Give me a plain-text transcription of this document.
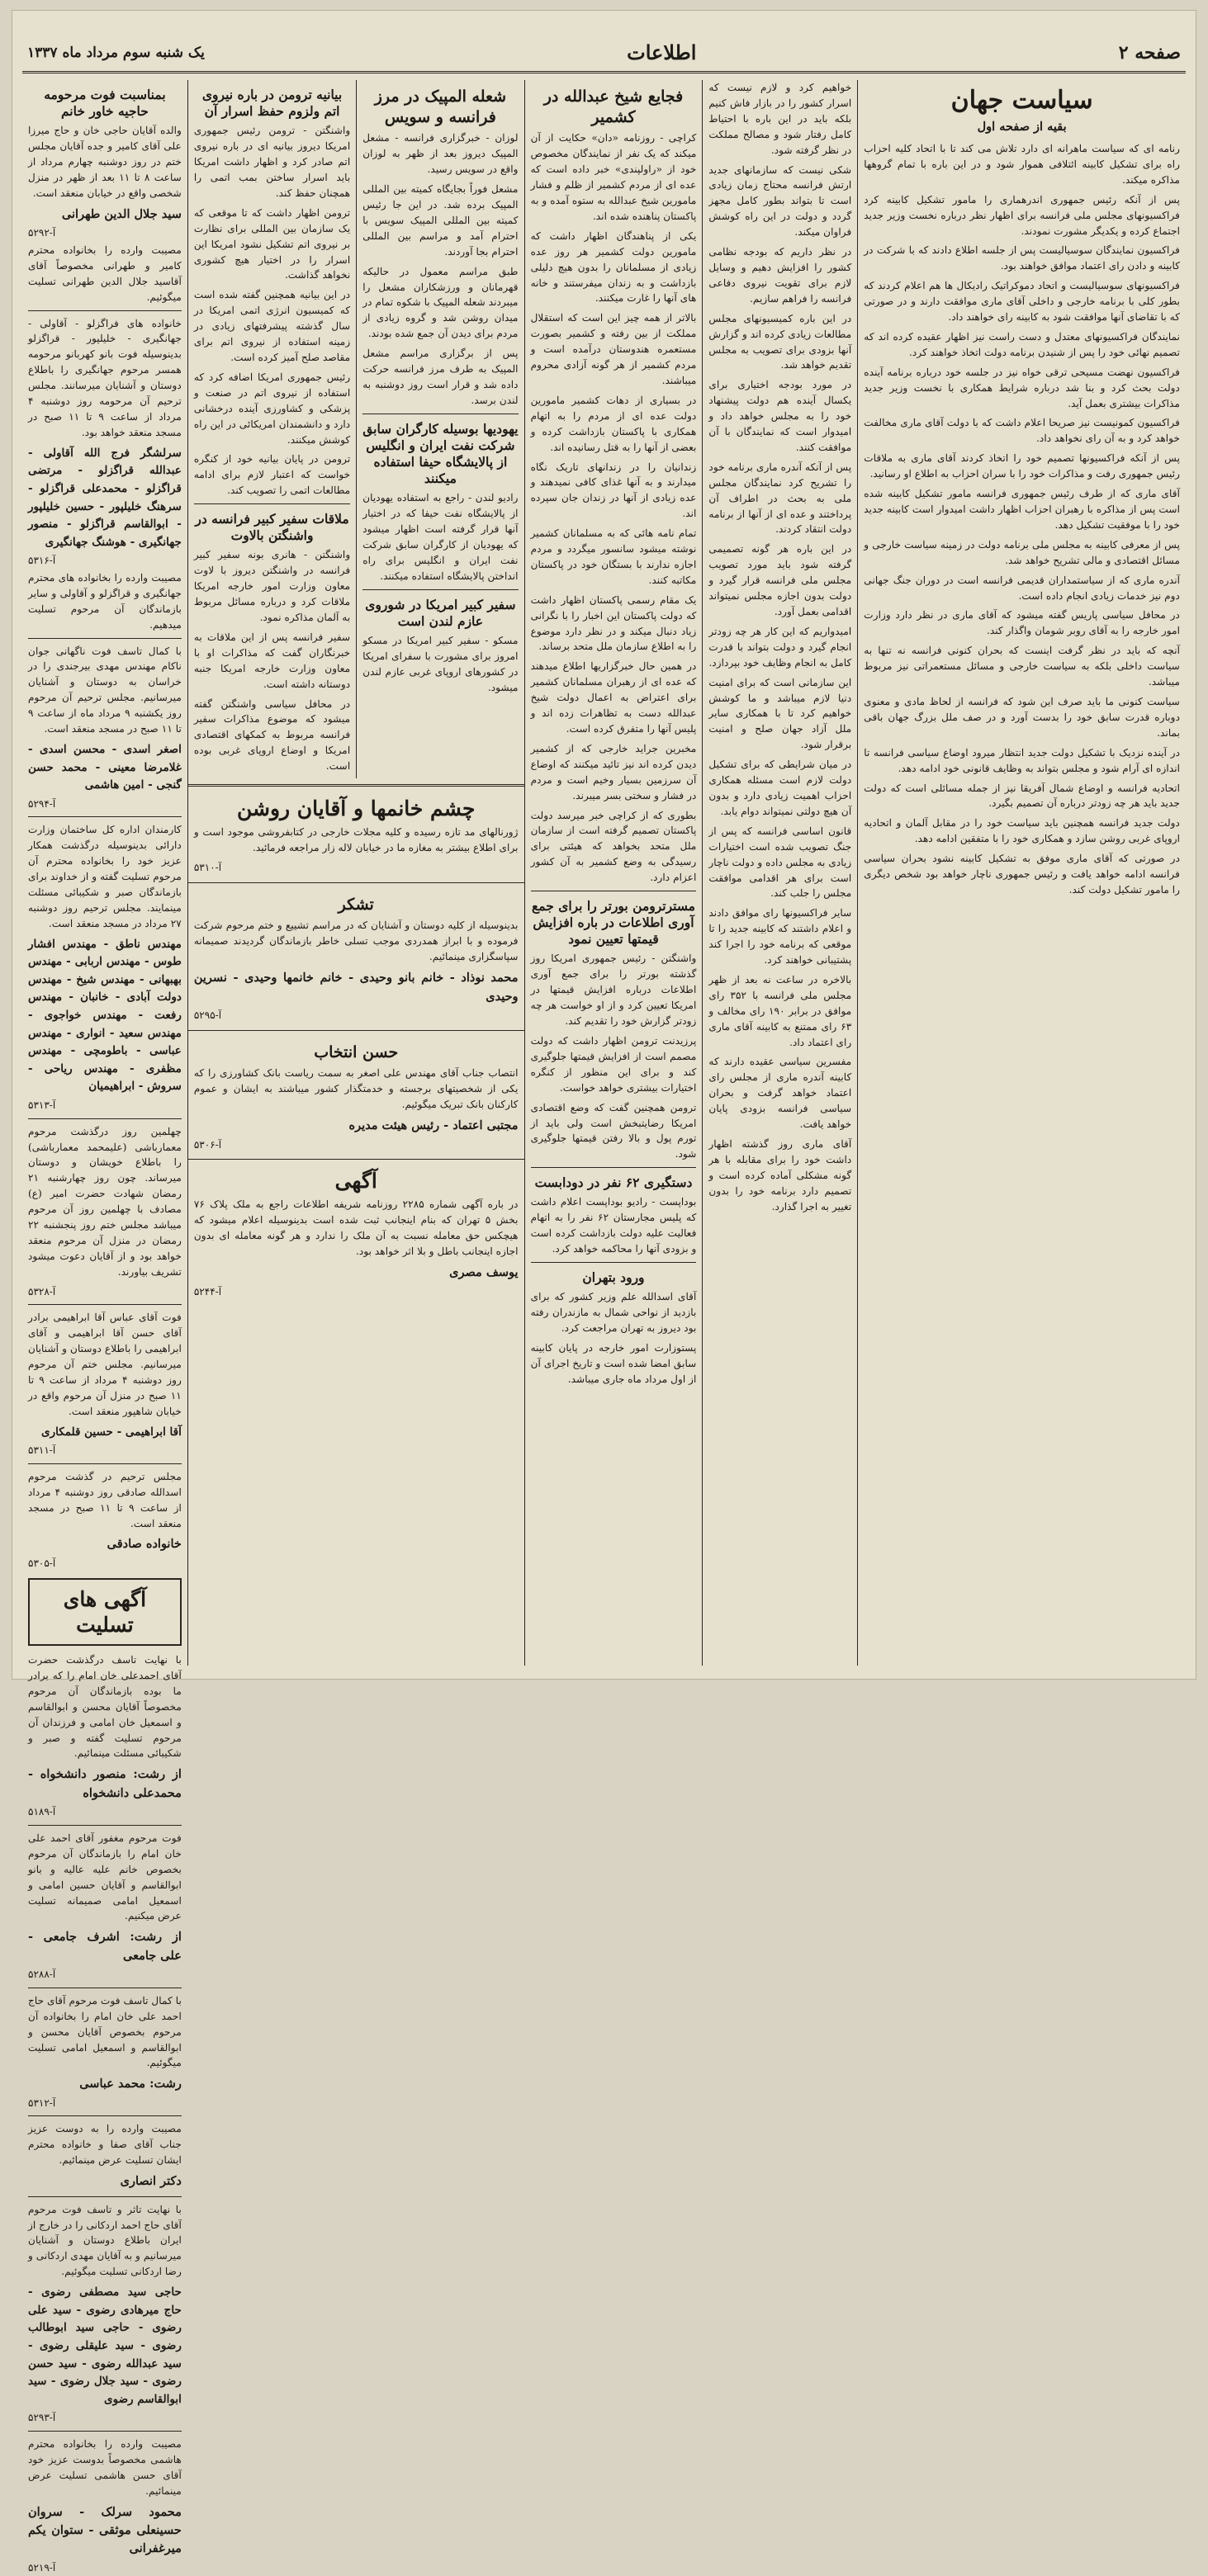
صفحه ۲
اطلاعات
یک شنبه سوم مرداد ماه ۱۳۳۷
سیاست جهان
بقیه از صفحه اول

رنامه ای که سیاست ماهرانه ای دارد تلاش می کند تا با اتحاد کلیه احزاب راه برای تشکیل کابینه ائتلافی هموار شود و در این باره با تمام گروهها مذاکره میکند.

پس از آنکه رئیس جمهوری اندرهماری را مامور تشکیل کابینه کرد فراکسیونهای مجلس ملی فرانسه برای اظهار نظر درباره نخست وزیر جدید اجتماع کرده و یکدیگر مشورت نمودند.

فراکسیون نمایندگان سوسیالیست پس از جلسه اطلاع دادند که با شرکت در کابینه و دادن رای اعتماد موافق خواهند بود.

فراکسیونهای سوسیالیست و اتحاد دموکراتیک رادیکال ها هم اعلام کردند که بطور کلی با برنامه خارجی و داخلی آقای ماری موافقت دارند و در صورتی که با تقاضای آنها موافقت شود به کابینه رای خواهند داد.

نمایندگان فراکسیونهای معتدل و دست راست نیز اظهار عقیده کرده اند که تصمیم نهائی خود را پس از شنیدن برنامه دولت اتخاذ خواهند کرد.

فراکسیون نهضت مسیحی ترقی خواه نیز در جلسه خود درباره برنامه آینده دولت بحث کرد و بنا شد درباره شرایط همکاری با نخست وزیر جدید مذاکرات بیشتری بعمل آید.

فراکسیون کمونیست نیز صریحا اعلام داشت که با دولت آقای ماری مخالفت خواهد کرد و به آن رای نخواهد داد.

پس از آنکه فراکسیونها تصمیم خود را اتخاذ کردند آقای ماری به ملاقات رئیس جمهوری رفت و مذاکرات خود را با سران احزاب به اطلاع او رسانید.

آقای ماری که از طرف رئیس جمهوری فرانسه مامور تشکیل کابینه شده است پس از مذاکره با رهبران احزاب اظهار داشت امیدوار است کابینه جدید خود را با موفقیت تشکیل دهد.

پس از معرفی کابینه به مجلس ملی برنامه دولت در زمینه سیاست خارجی و مسائل اقتصادی و مالی تشریح خواهد شد.

آندره ماری که از سیاستمداران قدیمی فرانسه است در دوران جنگ جهانی دوم نیز خدمات زیادی انجام داده است.

در محافل سیاسی پاریس گفته میشود که آقای ماری در نظر دارد وزارت امور خارجه را به آقای روبر شومان واگذار کند.

آنچه که باید در نظر گرفت اینست که بحران کنونی فرانسه نه تنها به سیاست داخلی بلکه به سیاست خارجی و مسائل مستعمراتی نیز مربوط میباشد.

سیاست کنونی ما باید صرف این شود که فرانسه از لحاظ مادی و معنوی دوباره قدرت سابق خود را بدست آورد و در صف ملل بزرگ جهان باقی بماند.

در آینده نزدیک با تشکیل دولت جدید انتظار میرود اوضاع سیاسی فرانسه تا اندازه ای آرام شود و مجلس بتواند به وظایف قانونی خود ادامه دهد.

اتحادیه فرانسه و اوضاع شمال آفریقا نیز از جمله مسائلی است که دولت جدید باید هر چه زودتر درباره آن تصمیم بگیرد.

دولت جدید فرانسه همچنین باید سیاست خود را در مقابل آلمان و اتحادیه اروپای غربی روشن سازد و همکاری خود را با متفقین ادامه دهد.

در صورتی که آقای ماری موفق به تشکیل کابینه نشود بحران سیاسی فرانسه ادامه خواهد یافت و رئیس جمهوری ناچار خواهد بود شخص دیگری را مامور تشکیل دولت کند.

خواهیم کرد و لازم نیست که اسرار کشور را در بازار فاش کنیم بلکه باید در این باره با احتیاط کامل رفتار شود و مصالح مملکت در نظر گرفته شود.

شکی نیست که سازمانهای جدید ارتش فرانسه محتاج زمان زیادی است تا بتواند بطور کامل مجهز گردد و دولت در این راه کوشش فراوان میکند.

در نظر داریم که بودجه نظامی کشور را افزایش دهیم و وسایل لازم برای تقویت نیروی دفاعی فرانسه را فراهم سازیم.

در این باره کمیسیونهای مجلس مطالعات زیادی کرده اند و گزارش آنها بزودی برای تصویب به مجلس تقدیم خواهد شد.

در مورد بودجه اختیاری برای یکسال آینده هم دولت پیشنهاد خود را به مجلس خواهد داد و امیدوار است که نمایندگان با آن موافقت کنند.

پس از آنکه آندره ماری برنامه خود را تشریح کرد نمایندگان مجلس ملی به بحث در اطراف آن پرداختند و عده ای از آنها از برنامه دولت انتقاد کردند.

در این باره هر گونه تصمیمی گرفته شود باید مورد تصویب مجلس ملی فرانسه قرار گیرد و دولت بدون اجازه مجلس نمیتواند اقدامی بعمل آورد.

امیدواریم که این کار هر چه زودتر انجام گیرد و دولت بتواند با قدرت کامل به انجام وظایف خود بپردازد.

این سازمانی است که برای امنیت دنیا لازم میباشد و ما کوشش خواهیم کرد تا با همکاری سایر ملل آزاد جهان صلح و امنیت برقرار شود.

در میان شرایطی که برای تشکیل دولت لازم است مسئله همکاری احزاب اهمیت زیادی دارد و بدون آن هیچ دولتی نمیتواند دوام یابد.

قانون اساسی فرانسه که پس از جنگ تصویب شده است اختیارات زیادی به مجلس داده و دولت ناچار است برای هر اقدامی موافقت مجلس را جلب کند.

سایر فراکسیونها رای موافق دادند و اعلام داشتند که کابینه جدید را تا موقعی که برنامه خود را اجرا کند پشتیبانی خواهند کرد.

بالاخره در ساعت نه بعد از ظهر مجلس ملی فرانسه با ۳۵۲ رای موافق در برابر ۱۹۰ رای مخالف و ۶۳ رای ممتنع به کابینه آقای ماری رای اعتماد داد.

مفسرین سیاسی عقیده دارند که کابینه آندره ماری از مجلس رای اعتماد خواهد گرفت و بحران سیاسی فرانسه بزودی پایان خواهد یافت.

آقای ماری روز گذشته اظهار داشت خود را برای مقابله با هر گونه مشکلی آماده کرده است و تصمیم دارد برنامه خود را بدون تغییر به اجرا گذارد.

فجایع شیخ عبدالله در کشمیر

کراچی - روزنامه «دان» حکایت از آن میکند که یک نفر از نمایندگان مخصوص خود از «راولپندی» خبر داده است که عده ای از مردم کشمیر از ظلم و فشار مامورین شیخ عبدالله به ستوه آمده و به پاکستان پناهنده شده اند.

یکی از پناهندگان اظهار داشت که مامورین دولت کشمیر هر روز عده زیادی از مسلمانان را بدون هیچ دلیلی بازداشت و به زندان میفرستند و خانه های آنها را غارت میکنند.

بالاتر از همه چیز این است که استقلال مملکت از بین رفته و کشمیر بصورت مستعمره هندوستان درآمده است و مردم کشمیر از هر گونه آزادی محروم میباشند.

در بسیاری از دهات کشمیر مامورین دولت عده ای از مردم را به اتهام همکاری با پاکستان بازداشت کرده و بعضی از آنها را به قتل رسانیده اند.

زندانیان را در زندانهای تاریک نگاه میدارند و به آنها غذای کافی نمیدهند و عده زیادی از آنها در زندان جان سپرده اند.

تمام نامه هائی که به مسلمانان کشمیر نوشته میشود سانسور میگردد و مردم اجازه ندارند با بستگان خود در پاکستان مکاتبه کنند.

یک مقام رسمی پاکستان اظهار داشت که دولت پاکستان این اخبار را با نگرانی زیاد دنبال میکند و در نظر دارد موضوع را به اطلاع سازمان ملل متحد برساند.

در همین حال خبرگزاریها اطلاع میدهند که عده ای از رهبران مسلمانان کشمیر برای اعتراض به اعمال دولت شیخ عبدالله دست به تظاهرات زده اند و پلیس آنها را متفرق کرده است.

مخبرین جراید خارجی که از کشمیر دیدن کرده اند نیز تائید میکنند که اوضاع آن سرزمین بسیار وخیم است و مردم در فشار و سختی بسر میبرند.

بطوری که از کراچی خبر میرسد دولت پاکستان تصمیم گرفته است از سازمان ملل متحد بخواهد که هیئتی برای رسیدگی به وضع کشمیر به آن کشور اعزام دارد.

مسترترومن بورتر را برای جمع آوری اطلاعات در باره افزایش قیمتها تعیین نمود

واشنگتن - رئیس جمهوری امریکا روز گذشته بورتر را برای جمع آوری اطلاعات درباره افزایش قیمتها در امریکا تعیین کرد و از او خواست هر چه زودتر گزارش خود را تقدیم کند.

پرزیدنت ترومن اظهار داشت که دولت مصمم است از افزایش قیمتها جلوگیری کند و برای این منظور از کنگره اختیارات بیشتری خواهد خواست.

ترومن همچنین گفت که وضع اقتصادی امریکا رضایتبخش است ولی باید از تورم پول و بالا رفتن قیمتها جلوگیری شود.

دستگیری ۶۲ نفر در دودابست

بوداپست - رادیو بوداپست اعلام داشت که پلیس مجارستان ۶۲ نفر را به اتهام فعالیت علیه دولت بازداشت کرده است و بزودی آنها را محاکمه خواهد کرد.

ورود بتهران

آقای اسدالله علم وزیر کشور که برای بازدید از نواحی شمال به مازندران رفته بود دیروز به تهران مراجعت کرد.

پستوزارت امور خارجه در پایان کابینه سابق امضا شده است و تاریخ اجرای آن از اول مرداد ماه جاری میباشد.

شعله المپیک در مرز فرانسه و سویس

لوزان - خبرگزاری فرانسه - مشعل المپیک دیروز بعد از ظهر به لوزان واقع در سویس رسید.

مشعل فوراً بجایگاه کمیته بین المللی المپیک برده شد. در این جا رئیس کمیته بین المللی المپیک سویس با احترام آمد و مراسم بین المللی احترام بجا آوردند.

طبق مراسم معمول در حالیکه قهرمانان و ورزشکاران مشعل را میبردند شعله المپیک با شکوه تمام در میدان روشن شد و گروه زیادی از مردم برای دیدن آن جمع شده بودند.

پس از برگزاری مراسم مشعل المپیک به طرف مرز فرانسه حرکت داده شد و قرار است روز دوشنبه به لندن برسد.

یهودیها بوسیله کارگران سابق شرکت نفت ایران و انگلیس از پالایشگاه حیفا استفاده میکنند

رادیو لندن - راجع به استفاده یهودیان از پالایشگاه نفت حیفا که در اختیار آنها قرار گرفته است اظهار میشود که یهودیان از کارگران سابق شرکت نفت ایران و انگلیس برای راه انداختن پالایشگاه استفاده میکنند.

سفیر کبیر امریکا در شوروی عازم لندن است

مسکو - سفیر کبیر امریکا در مسکو امروز برای مشورت با سفرای امریکا در کشورهای اروپای غربی عازم لندن میشود.

بیانیه ترومن در باره نیروی اتم ولزوم حفظ اسرار آن

واشنگتن - ترومن رئیس جمهوری امریکا دیروز بیانیه ای در باره نیروی اتم صادر کرد و اظهار داشت امریکا باید اسرار ساختن بمب اتمی را همچنان حفظ کند.

ترومن اظهار داشت که تا موقعی که یک سازمان بین المللی برای نظارت بر نیروی اتم تشکیل نشود امریکا این اسرار را در اختیار هیچ کشوری نخواهد گذاشت.

در این بیانیه همچنین گفته شده است که کمیسیون انرژی اتمی امریکا در سال گذشته پیشرفتهای زیادی در زمینه استفاده از نیروی اتم برای مقاصد صلح آمیز کرده است.

رئیس جمهوری امریکا اضافه کرد که استفاده از نیروی اتم در صنعت و پزشکی و کشاورزی آینده درخشانی دارد و دانشمندان امریکائی در این راه کوشش میکنند.

ترومن در پایان بیانیه خود از کنگره خواست که اعتبار لازم برای ادامه مطالعات اتمی را تصویب کند.

ملاقات سفیر کبیر فرانسه در واشنگتن بالاوت

واشنگتن - هانری بونه سفیر کبیر فرانسه در واشنگتن دیروز با لاوت معاون وزارت امور خارجه امریکا ملاقات کرد و درباره مسائل مربوط به آلمان مذاکره نمود.

سفیر فرانسه پس از این ملاقات به خبرنگاران گفت که مذاکرات او با معاون وزارت خارجه امریکا جنبه دوستانه داشته است.

در محافل سیاسی واشنگتن گفته میشود که موضوع مذاکرات سفیر فرانسه مربوط به کمکهای اقتصادی امریکا و اوضاع اروپای غربی بوده است.

چشم خانمها و آقایان روشن

ژورنالهای مد تازه رسیده و کلیه مجلات خارجی در کتابفروشی موجود است و برای اطلاع بیشتر به مغازه ما در خیابان لاله زار مراجعه فرمائید.

آ-۵۳۱۰
تشکر

بدینوسیله از کلیه دوستان و آشنایان که در مراسم تشییع و ختم مرحوم شرکت فرموده و با ابراز همدردی موجب تسلی خاطر بازماندگان گردیدند صمیمانه سپاسگزاری مینمائیم.

محمد نوذاد - خانم بانو وحیدی - خانم خانمها وحیدی - نسرین وحیدی
آ-۵۲۹۵
حسن انتخاب

انتصاب جناب آقای مهندس علی اصغر به سمت ریاست بانک کشاورزی را که یکی از شخصیتهای برجسته و خدمتگذار کشور میباشند به ایشان و عموم کارکنان بانک تبریک میگوئیم.

مجتبی اعتماد - رئیس هیئت مدیره
آ-۵۳۰۶
آگهی

در باره آگهی شماره ۲۲۸۵ روزنامه شریفه اطلاعات راجع به ملک پلاک ۷۶ بخش ۵ تهران که بنام اینجانب ثبت شده است بدینوسیله اعلام میشود که هیچکس حق معامله نسبت به آن ملک را ندارد و هر گونه معامله ای بدون اجازه اینجانب باطل و بلا اثر خواهد بود.

یوسف مصری
آ-۵۲۴۴
بمناسبت فوت مرحومه حاجیه خاور خانم

والده آقایان حاجی خان و حاج میرزا علی آقای کامیر و جده آقایان مجلس ختم در روز دوشنبه چهارم مرداد از ساعت ۸ تا ۱۱ بعد از ظهر در منزل شخصی واقع در خیابان منعقد است.

سید جلال الدین طهرانی
آ-۵۲۹۲

مصیبت وارده را بخانواده محترم کامیر و طهرانی مخصوصاً آقای آقاسید جلال الدین طهرانی تسلیت میگوئیم.

خانواده های فراگزلو - آقاولی - جهانگیری - خلیلپور - قراگزلو بدینوسیله فوت بانو کهربانو مرحومه همسر مرحوم جهانگیری را باطلاع دوستان و آشنایان میرسانند. مجلس ترحیم آن مرحومه روز دوشنبه ۴ مرداد از ساعت ۹ تا ۱۱ صبح در مسجد منعقد خواهد بود.

سرلشگر فرج الله آقاولی - عبدالله قراگزلو - مرتضی قراگزلو - محمدعلی قراگزلو - سرهنگ خلیلپور - حسین خلیلپور - ابوالقاسم قراگزلو - منصور جهانگیری - هوشنگ جهانگیری
آ-۵۳۱۶

مصیبت وارده را بخانواده های محترم جهانگیری و قراگزلو و آقاولی و سایر بازماندگان آن مرحوم تسلیت میدهیم.

با کمال تاسف فوت ناگهانی جوان ناکام مهندس مهدی بیرجندی را در خراسان به دوستان و آشنایان میرسانیم. مجلس ترحیم آن مرحوم روز یکشنبه ۹ مرداد ماه از ساعت ۹ تا ۱۱ صبح در مسجد منعقد است.

اصغر اسدی - محسن اسدی - غلامرضا معینی - محمد حسن گنجی - امین هاشمی
آ-۵۲۹۴

کارمندان اداره کل ساختمان وزارت دارائی بدینوسیله درگذشت همکار عزیز خود را بخانواده محترم آن مرحوم تسلیت گفته و از خداوند برای بازماندگان صبر و شکیبائی مسئلت مینمایند. مجلس ترحیم روز دوشنبه ۲۷ مرداد در مسجد منعقد است.

مهندس ناطق - مهندس افشار طوس - مهندس اربابی - مهندس بهبهانی - مهندس شیخ - مهندس دولت آبادی - خانبان - مهندس رفعت - مهندس خواجوی - مهندس سعید - انواری - مهندس عباسی - باطومچی - مهندس مظفری - مهندس ریاحی - سروش - ابراهیمیان
آ-۵۳۱۳

چهلمین روز درگذشت مرحوم معمارباشی (علیمحمد معمارباشی) را باطلاع خویشان و دوستان میرساند. چون روز چهارشنبه ۲۱ رمضان شهادت حضرت امیر (ع) مصادف با چهلمین روز آن مرحوم میباشد مجلس ختم روز پنجشنبه ۲۲ رمضان در منزل آن مرحوم منعقد خواهد بود و از آقایان دعوت میشود تشریف بیاورند.

آ-۵۳۲۸

فوت آقای عباس آقا ابراهیمی برادر آقای حسن آقا ابراهیمی و آقای ابراهیمی را باطلاع دوستان و آشنایان میرسانیم. مجلس ختم آن مرحوم روز دوشنبه ۴ مرداد از ساعت ۹ تا ۱۱ صبح در منزل آن مرحوم واقع در خیابان شاهپور منعقد است.

آقا ابراهیمی - حسین قلمکاری
آ-۵۳۱۱

مجلس ترحیم در گذشت مرحوم اسدالله صادقی روز دوشنبه ۴ مرداد از ساعت ۹ تا ۱۱ صبح در مسجد منعقد است.

خانواده صادقی
آ-۵۳۰۵
آگهی های تسلیت

با نهایت تاسف درگذشت حضرت آقای احمدعلی خان امام را که برادر ما بوده بازماندگان آن مرحوم مخصوصاً آقایان محسن و ابوالقاسم و اسمعیل خان امامی و فرزندان آن مرحوم تسلیت گفته و صبر و شکیبائی مسئلت مینمائیم.

از رشت: منصور دانشخواه - محمدعلی دانشخواه
آ-۵۱۸۹

فوت مرحوم مغفور آقای احمد علی خان امام را بازماندگان آن مرحوم بخصوص خانم علیه عالیه و بانو ابوالقاسم و آقایان حسین امامی و اسمعیل امامی صمیمانه تسلیت عرض میکنیم.

از رشت: اشرف جامعی - علی جامعی
آ-۵۲۸۸

با کمال تاسف فوت مرحوم آقای حاج احمد علی خان امام را بخانواده آن مرحوم بخصوص آقایان محسن و ابوالقاسم و اسمعیل امامی تسلیت میگوئیم.

رشت: محمد عباسی
آ-۵۳۱۲

مصیبت وارده را به دوست عزیز جناب آقای صفا و خانواده محترم ایشان تسلیت عرض مینمائیم.

دکتر انصاری

با نهایت تاثر و تاسف فوت مرحوم آقای حاج احمد اردکانی را در خارج از ایران باطلاع دوستان و آشنایان میرسانیم و به آقایان مهدی اردکانی و رضا اردکانی تسلیت میگوئیم.

حاجی سید مصطفی رضوی - حاج میرهادی رضوی - سید علی رضوی - حاجی سید ابوطالب رضوی - سید علیقلی رضوی - سید عبدالله رضوی - سید حسن رضوی - سید جلال رضوی - سید ابوالقاسم رضوی
آ-۵۲۹۳

مصیبت وارده را بخانواده محترم هاشمی مخصوصاً بدوست عزیز خود آقای حسن هاشمی تسلیت عرض مینمائیم.

محمود سرلک - سروان حسینعلی موثقی - ستوان یکم میرغفرانی
آ-۵۲۱۹
